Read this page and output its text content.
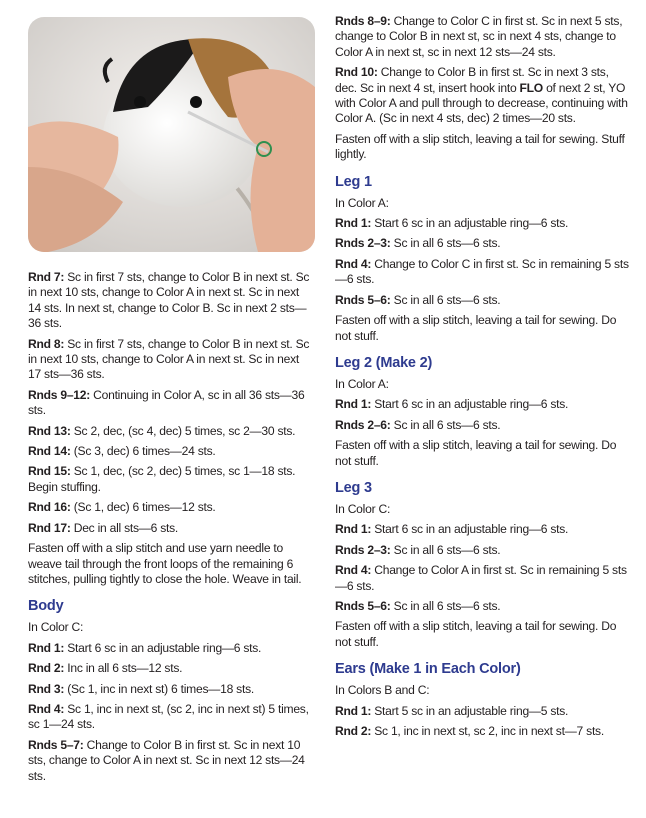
Rnd 7: Sc in first 7 sts, change to Color B in next st. Sc in next 10 sts, change to Color A in next st. Sc in next 14 sts. In next st, change to Color B. Sc in next 2 sts—36 sts.

Rnd 8: Sc in first 7 sts, change to Color B in next st. Sc in next 10 sts, change to Color A in next st. Sc in next 17 sts—36 sts.

Rnds 9–12: Continuing in Color A, sc in all 36 sts—36 sts.

Rnd 13: Sc 2, dec, (sc 4, dec) 5 times, sc 2—30 sts.

Rnd 14: (Sc 3, dec) 6 times—24 sts.

Rnd 15: Sc 1, dec, (sc 2, dec) 5 times, sc 1—18 sts. Begin stuffing.

Rnd 16: (Sc 1, dec) 6 times—12 sts.

Rnd 17: Dec in all sts—6 sts.

Fasten off with a slip stitch and use yarn needle to weave tail through the front loops of the remaining 6 stitches, pulling tightly to close the hole. Weave in tail.

Body

In Color C:

Rnd 1: Start 6 sc in an adjustable ring—6 sts.

Rnd 2: Inc in all 6 sts—12 sts.

Rnd 3: (Sc 1, inc in next st) 6 times—18 sts.

Rnd 4: Sc 1, inc in next st, (sc 2, inc in next st) 5 times, sc 1—24 sts.

Rnds 5–7: Change to Color B in first st. Sc in next 10 sts, change to Color A in next st. Sc in next 12 sts—24 sts.

Rnds 8–9: Change to Color C in first st. Sc in next 5 sts, change to Color B in next st, sc in next 4 sts, change to Color A in next st, sc in next 12 sts—24 sts.

Rnd 10: Change to Color B in first st. Sc in next 3 sts, dec. Sc in next 4 st, insert hook into FLO of next 2 st, YO with Color A and pull through to decrease, continuing with Color A. (Sc in next 4 sts, dec) 2 times—20 sts.

Fasten off with a slip stitch, leaving a tail for sewing. Stuff lightly.

Leg 1

In Color A:

Rnd 1: Start 6 sc in an adjustable ring—6 sts.

Rnds 2–3: Sc in all 6 sts—6 sts.

Rnd 4: Change to Color C in first st. Sc in remaining 5 sts—6 sts.

Rnds 5–6: Sc in all 6 sts—6 sts.

Fasten off with a slip stitch, leaving a tail for sewing. Do not stuff.

Leg 2 (Make 2)

In Color A:

Rnd 1: Start 6 sc in an adjustable ring—6 sts.

Rnds 2–6: Sc in all 6 sts—6 sts.

Fasten off with a slip stitch, leaving a tail for sewing. Do not stuff.

Leg 3

In Color C:

Rnd 1: Start 6 sc in an adjustable ring—6 sts.

Rnds 2–3: Sc in all 6 sts—6 sts.

Rnd 4: Change to Color A in first st. Sc in remaining 5 sts—6 sts.

Rnds 5–6: Sc in all 6 sts—6 sts.

Fasten off with a slip stitch, leaving a tail for sewing. Do not stuff.

Ears (Make 1 in Each Color)

In Colors B and C:

Rnd 1: Start 5 sc in an adjustable ring—5 sts.

Rnd 2: Sc 1, inc in next st, sc 2, inc in next st—7 sts.
